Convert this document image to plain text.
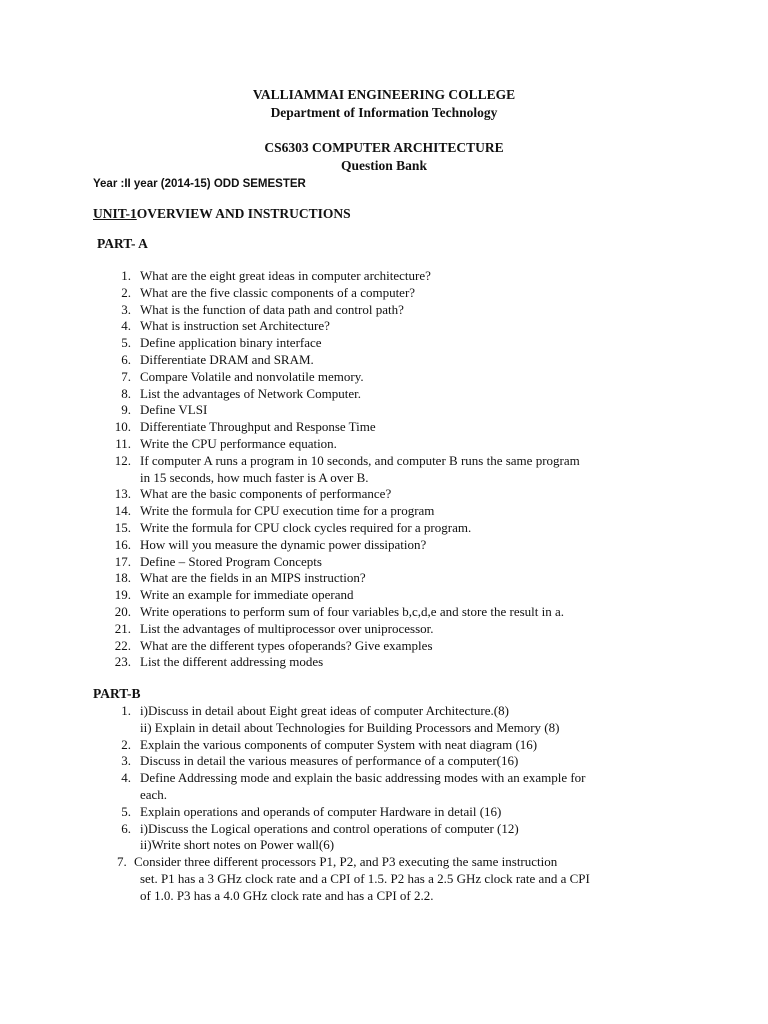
VALLIAMMAI ENGINEERING COLLEGE
Department of Information Technology
CS6303 COMPUTER ARCHITECTURE
Question Bank
Year :II year (2014-15) ODD SEMESTER
UNIT-1OVERVIEW AND INSTRUCTIONS
PART- A
1. What are the eight great ideas in computer architecture?
2. What are the five classic components of a computer?
3. What is the function of data path and control path?
4. What is instruction set Architecture?
5. Define application binary interface
6. Differentiate DRAM and SRAM.
7. Compare Volatile and nonvolatile memory.
8. List the advantages of Network Computer.
9. Define VLSI
10. Differentiate Throughput and Response Time
11. Write the CPU performance equation.
12. If computer A runs a program in 10 seconds, and computer B runs the same program
in 15 seconds, how much faster is A over B.
13. What are the basic components of performance?
14. Write the formula for CPU execution time for a program
15. Write the formula for CPU clock cycles required for a program.
16. How will you measure the dynamic power dissipation?
17. Define – Stored Program Concepts
18. What are the fields in an MIPS instruction?
19. Write an example for immediate operand
20. Write operations to perform sum of four variables b,c,d,e and store the result in a.
21. List the advantages of multiprocessor over uniprocessor.
22. What are the different types ofoperands? Give examples
23. List the different addressing modes
PART-B
1. i)Discuss in detail about Eight great ideas of computer Architecture.(8)
ii) Explain in detail about Technologies for Building Processors and Memory (8)
2. Explain the various components of computer System with neat diagram (16)
3. Discuss in detail the various measures of performance of a computer(16)
4. Define Addressing mode and explain the basic addressing modes with an example for
each.
5. Explain operations and operands of computer Hardware in detail (16)
6. i)Discuss the Logical operations and control operations of computer (12)
ii)Write short notes on Power wall(6)
7. Consider three different processors P1, P2, and P3 executing the same instruction
set. P1 has a 3 GHz clock rate and a CPI of 1.5. P2 has a 2.5 GHz clock rate and a CPI
of 1.0. P3 has a 4.0 GHz clock rate and has a CPI of 2.2.
